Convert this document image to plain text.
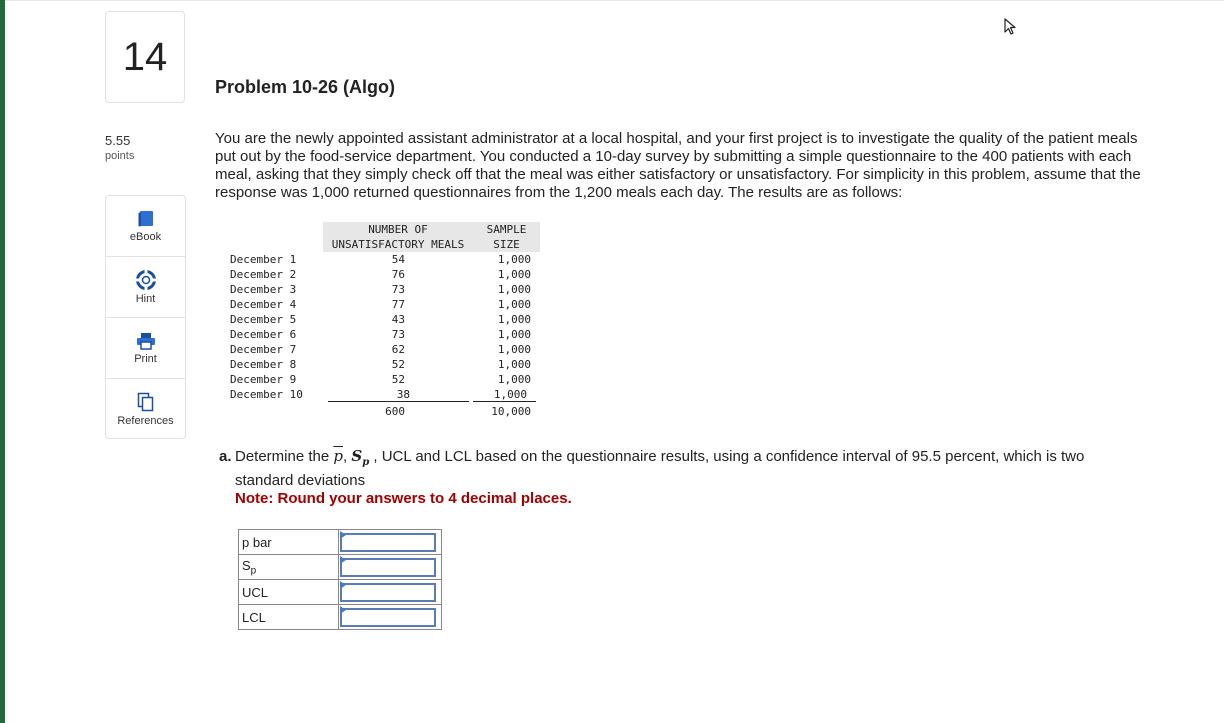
14
5.55
points
eBook
Hint
Print
References
Problem 10-26 (Algo)
You are the newly appointed assistant administrator at a local hospital, and your first project is to investigate the quality of the patient meals put out by the food-service department. You conducted a 10-day survey by submitting a simple questionnaire to the 400 patients with each meal, asking that they simply check off that the meal was either satisfactory or unsatisfactory. For simplicity in this problem, assume that the response was 1,000 returned questionnaires from the 1,200 meals each day. The results are as follows:
NUMBER OF
UNSATISFACTORY MEALS
SAMPLE
SIZE
December 1	54	1,000
December 2	76	1,000
December 3	73	1,000
December 4	77	1,000
December 5	43	1,000
December 6	73	1,000
December 7	62	1,000
December 8	52	1,000
December 9	52	1,000
December 10	38	1,000
600	10,000
a. Determine the $\overline{p}$, $S_p$ , UCL and LCL based on the questionnaire results, using a confidence interval of 95.5 percent, which is two
standard deviations
Note: Round your answers to 4 decimal places.
p bar	

$S_p$	

UCL	

LCL	
